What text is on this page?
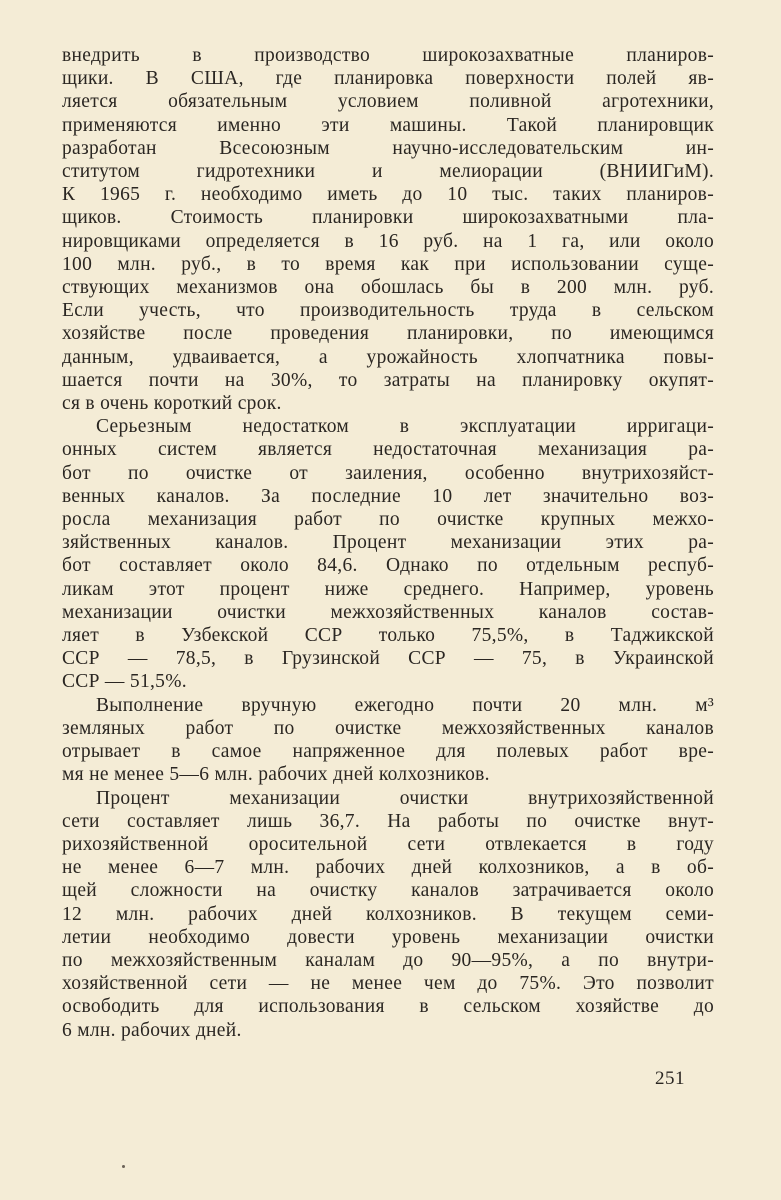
внедрить в производство широкозахватные планиров-
щики. В США, где планировка поверхности полей яв-
ляется обязательным условием поливной агротехники,
применяются именно эти машины. Такой планировщик
разработан Всесоюзным научно-исследовательским ин-
ститутом гидротехники и мелиорации (ВНИИГиМ).
К 1965 г. необходимо иметь до 10 тыс. таких планиров-
щиков. Стоимость планировки широкозахватными пла-
нировщиками определяется в 16 руб. на 1 га, или около
100 млн. руб., в то время как при использовании суще-
ствующих механизмов она обошлась бы в 200 млн. руб.
Если учесть, что производительность труда в сельском
хозяйстве после проведения планировки, по имеющимся
данным, удваивается, а урожайность хлопчатника повы-
шается почти на 30%, то затраты на планировку окупят-
ся в очень короткий срок.

Серьезным недостатком в эксплуатации ирригаци-
онных систем является недостаточная механизация ра-
бот по очистке от заиления, особенно внутрихозяйст-
венных каналов. За последние 10 лет значительно воз-
росла механизация работ по очистке крупных межхо-
зяйственных каналов. Процент механизации этих ра-
бот составляет около 84,6. Однако по отдельным респуб-
ликам этот процент ниже среднего. Например, уровень
механизации очистки межхозяйственных каналов состав-
ляет в Узбекской ССР только 75,5%, в Таджикской
ССР — 78,5, в Грузинской ССР — 75, в Украинской
ССР — 51,5%.

Выполнение вручную ежегодно почти 20 млн. м³
земляных работ по очистке межхозяйственных каналов
отрывает в самое напряженное для полевых работ вре-
мя не менее 5—6 млн. рабочих дней колхозников.

Процент механизации очистки внутрихозяйственной
сети составляет лишь 36,7. На работы по очистке внут-
рихозяйственной оросительной сети отвлекается в году
не менее 6—7 млн. рабочих дней колхозников, а в об-
щей сложности на очистку каналов затрачивается около
12 млн. рабочих дней колхозников. В текущем семи-
летии необходимо довести уровень механизации очистки
по межхозяйственным каналам до 90—95%, а по внутри-
хозяйственной сети — не менее чем до 75%. Это позволит
освободить для использования в сельском хозяйстве до
6 млн. рабочих дней.

251
